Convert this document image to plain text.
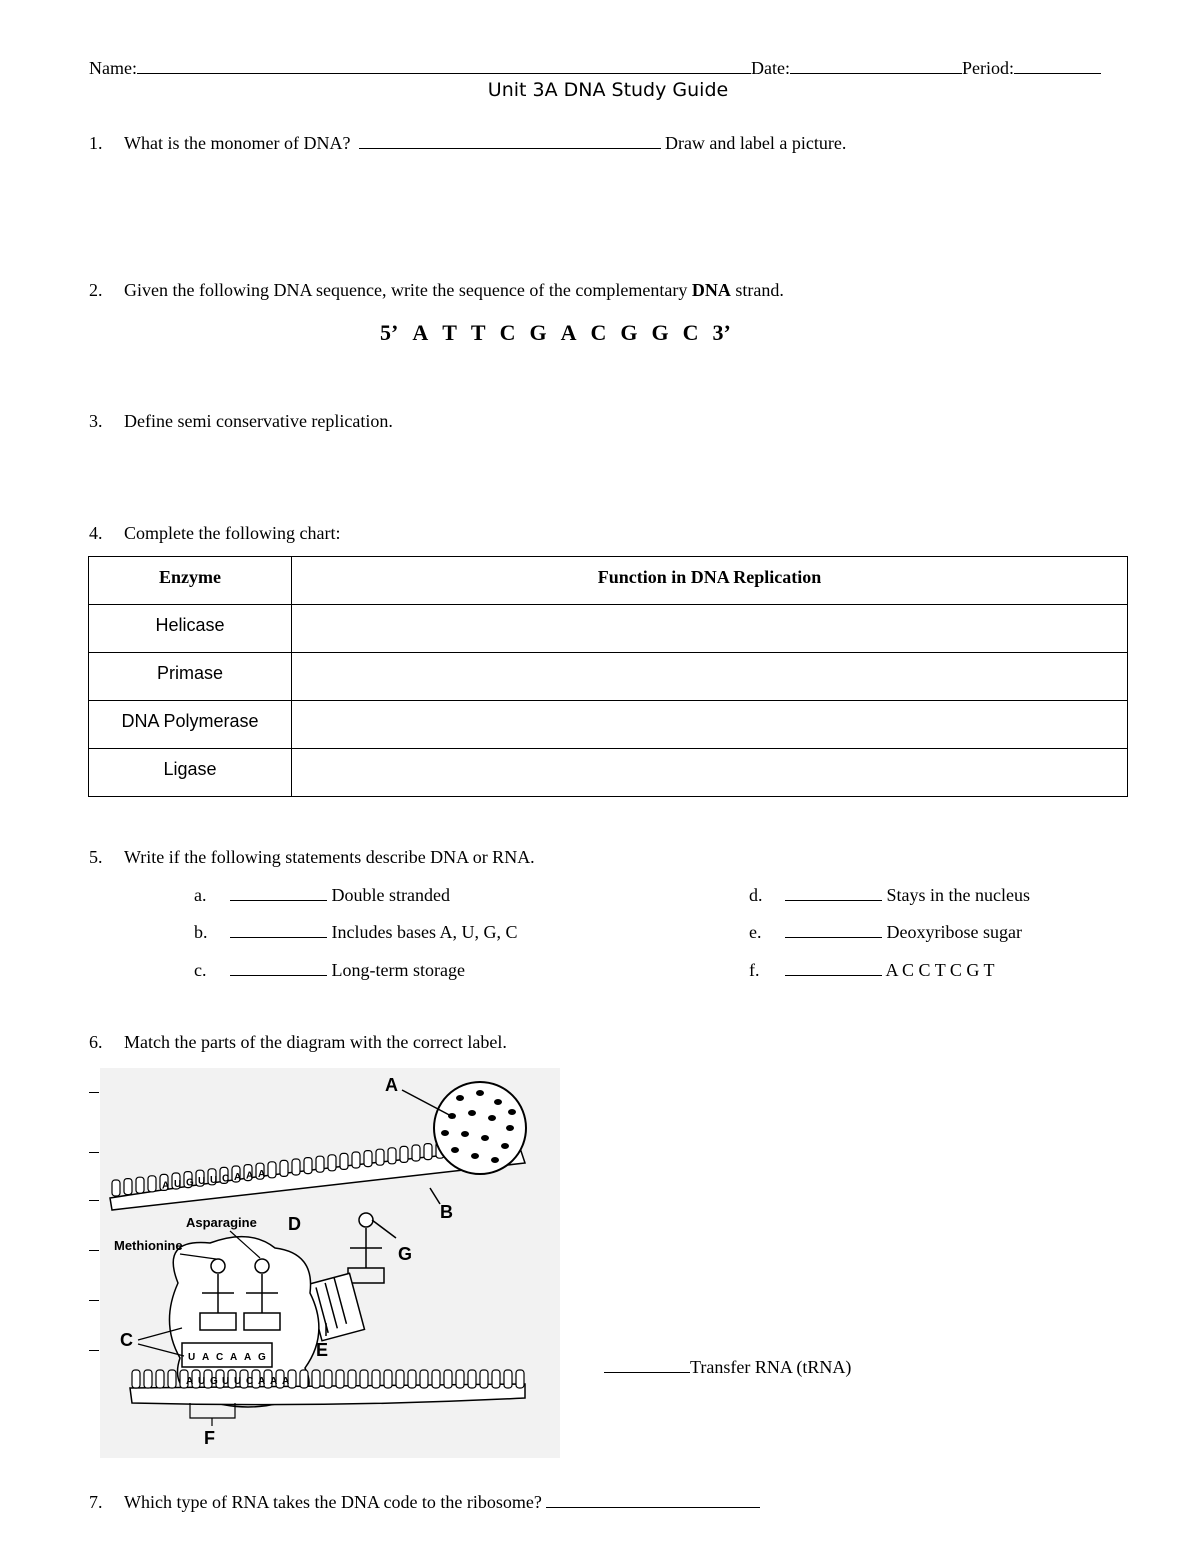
Name:	Date:	Period:
Unit 3A DNA Study Guide
1. What is the monomer of DNA?	Draw and label a picture.
2. Given the following DNA sequence, write the sequence of the complementary DNA strand.
5’ A T T C G A C G G C 3’
3. Define semi conservative replication.
4. Complete the following chart:
Enzyme	Function in DNA Replication
Helicase	
Primase	
DNA Polymerase	
Ligase	
5. Write if the following statements describe DNA or RNA.
a.	Double stranded
b.	Includes bases A, U, G, C
c.	Long-term storage
d.	Stays in the nucleus
e.	Deoxyribose sugar
f.	A C C T C G T
6. Match the parts of the diagram with the correct label.
A
B
A U G U U C A A A
D
G
E
U A C A A G
Asparagine
Methionine
C
A U G U U C A A A
F
Transfer RNA (tRNA)
7. Which type of RNA takes the DNA code to the ribosome?
